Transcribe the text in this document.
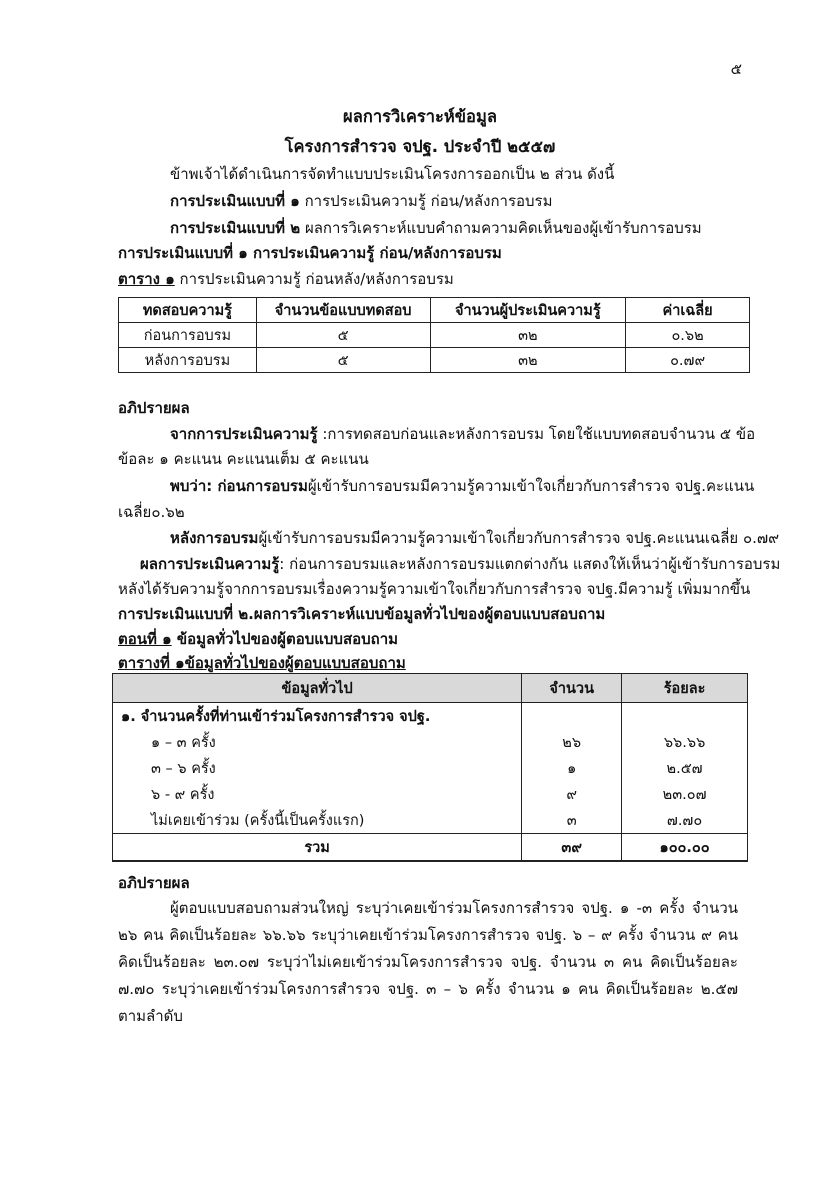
๕
ผลการวิเคราะห์ข้อมูล
โครงการสำรวจ จปฐ. ประจำปี ๒๕๕๗
ข้าพเจ้าได้ดำเนินการจัดทำแบบประเมินโครงการออกเป็น ๒ ส่วน ดังนี้
การประเมินแบบที่ ๑ การประเมินความรู้ ก่อน/หลังการอบรม
การประเมินแบบที่ ๒ ผลการวิเคราะห์แบบคำถามความคิดเห็นของผู้เข้ารับการอบรม
การประเมินแบบที่ ๑ การประเมินความรู้ ก่อน/หลังการอบรม
ตาราง ๑ การประเมินความรู้ ก่อนหลัง/หลังการอบรม
ทดสอบความรู้	จำนวนข้อแบบทดสอบ	จำนวนผู้ประเมินความรู้	ค่าเฉลี่ย
ก่อนการอบรม	๕	๓๒	๐.๖๒
หลังการอบรม	๕	๓๒	๐.๗๙
อภิปรายผล
จากการประเมินความรู้ :การทดสอบก่อนและหลังการอบรม โดยใช้แบบทดสอบจำนวน ๕ ข้อ
ข้อละ ๑ คะแนน คะแนนเต็ม ๕ คะแนน
พบว่า: ก่อนการอบรมผู้เข้ารับการอบรมมีความรู้ความเข้าใจเกี่ยวกับการสำรวจ จปฐ.คะแนน
เฉลี่ย๐.๖๒
หลังการอบรมผู้เข้ารับการอบรมมีความรู้ความเข้าใจเกี่ยวกับการสำรวจ จปฐ.คะแนนเฉลี่ย ๐.๗๙
ผลการประเมินความรู้: ก่อนการอบรมและหลังการอบรมแตกต่างกัน แสดงให้เห็นว่าผู้เข้ารับการอบรม
หลังได้รับความรู้จากการอบรมเรื่องความรู้ความเข้าใจเกี่ยวกับการสำรวจ จปฐ.มีความรู้ เพิ่มมากขึ้น
การประเมินแบบที่ ๒.ผลการวิเคราะห์แบบข้อมูลทั่วไปของผู้ตอบแบบสอบถาม
ตอนที่ ๑ ข้อมูลทั่วไปของผู้ตอบแบบสอบถาม
ตารางที่ ๑ข้อมูลทั่วไปของผู้ตอบแบบสอบถาม
ข้อมูลทั่วไป	จำนวน	ร้อยละ
๑. จำนวนครั้งที่ท่านเข้าร่วมโครงการสำรวจ จปฐ.		
๑ – ๓ ครั้ง	๒๖	๖๖.๖๖
๓ – ๖ ครั้ง	๑	๒.๕๗
๖ - ๙ ครั้ง	๙	๒๓.๐๗
ไม่เคยเข้าร่วม (ครั้งนี้เป็นครั้งแรก)	๓	๗.๗๐
รวม	๓๙	๑๐๐.๐๐
อภิปรายผล
ผู้ตอบแบบสอบถามส่วนใหญ่ ระบุว่าเคยเข้าร่วมโครงการสำรวจ จปฐ. ๑ -๓ ครั้ง จำนวน ๒๖ คน คิดเป็นร้อยละ ๖๖.๖๖ ระบุว่าเคยเข้าร่วมโครงการสำรวจ จปฐ. ๖ – ๙ ครั้ง จำนวน ๙ คน คิดเป็นร้อยละ ๒๓.๐๗ ระบุว่าไม่เคยเข้าร่วมโครงการสำรวจ จปฐ. จำนวน ๓ คน คิดเป็นร้อยละ ๗.๗๐ ระบุว่าเคยเข้าร่วมโครงการสำรวจ จปฐ. ๓ – ๖ ครั้ง จำนวน ๑ คน คิดเป็นร้อยละ ๒.๕๗ ตามลำดับ
